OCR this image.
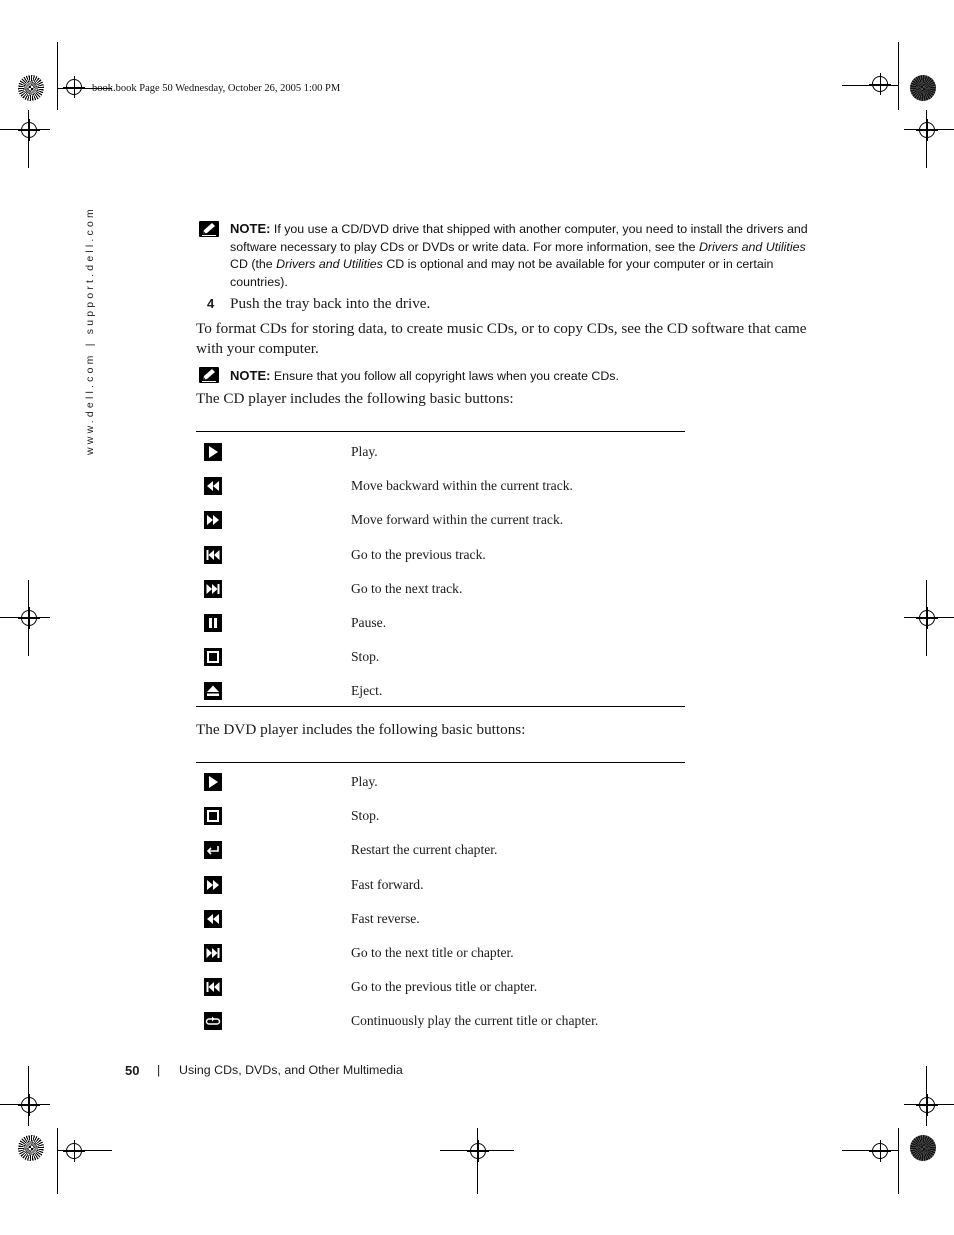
book.book Page 50 Wednesday, October 26, 2005 1:00 PM
www.dell.com | support.dell.com	NOTE: If you use a CD/DVD drive that shipped with another computer, you need to install the drivers and software necessary to play CDs or DVDs or write data. For more information, see the Drivers and Utilities CD (the Drivers and Utilities CD is optional and may not be available for your computer or in certain countries).
4 Push the tray back into the drive.
To format CDs for storing data, to create music CDs, or to copy CDs, see the CD software that came with your computer.
NOTE: Ensure that you follow all copyright laws when you create CDs.
The CD player includes the following basic buttons:
Play.
Move backward within the current track.
Move forward within the current track.
Go to the previous track.
Go to the next track.
Pause.
Stop.
Eject.
The DVD player includes the following basic buttons:
Play.
Stop.
Restart the current chapter.
Fast forward.
Fast reverse.
Go to the next title or chapter.
Go to the previous title or chapter.
Continuously play the current title or chapter.
50 | Using CDs, DVDs, and Other Multimedia
